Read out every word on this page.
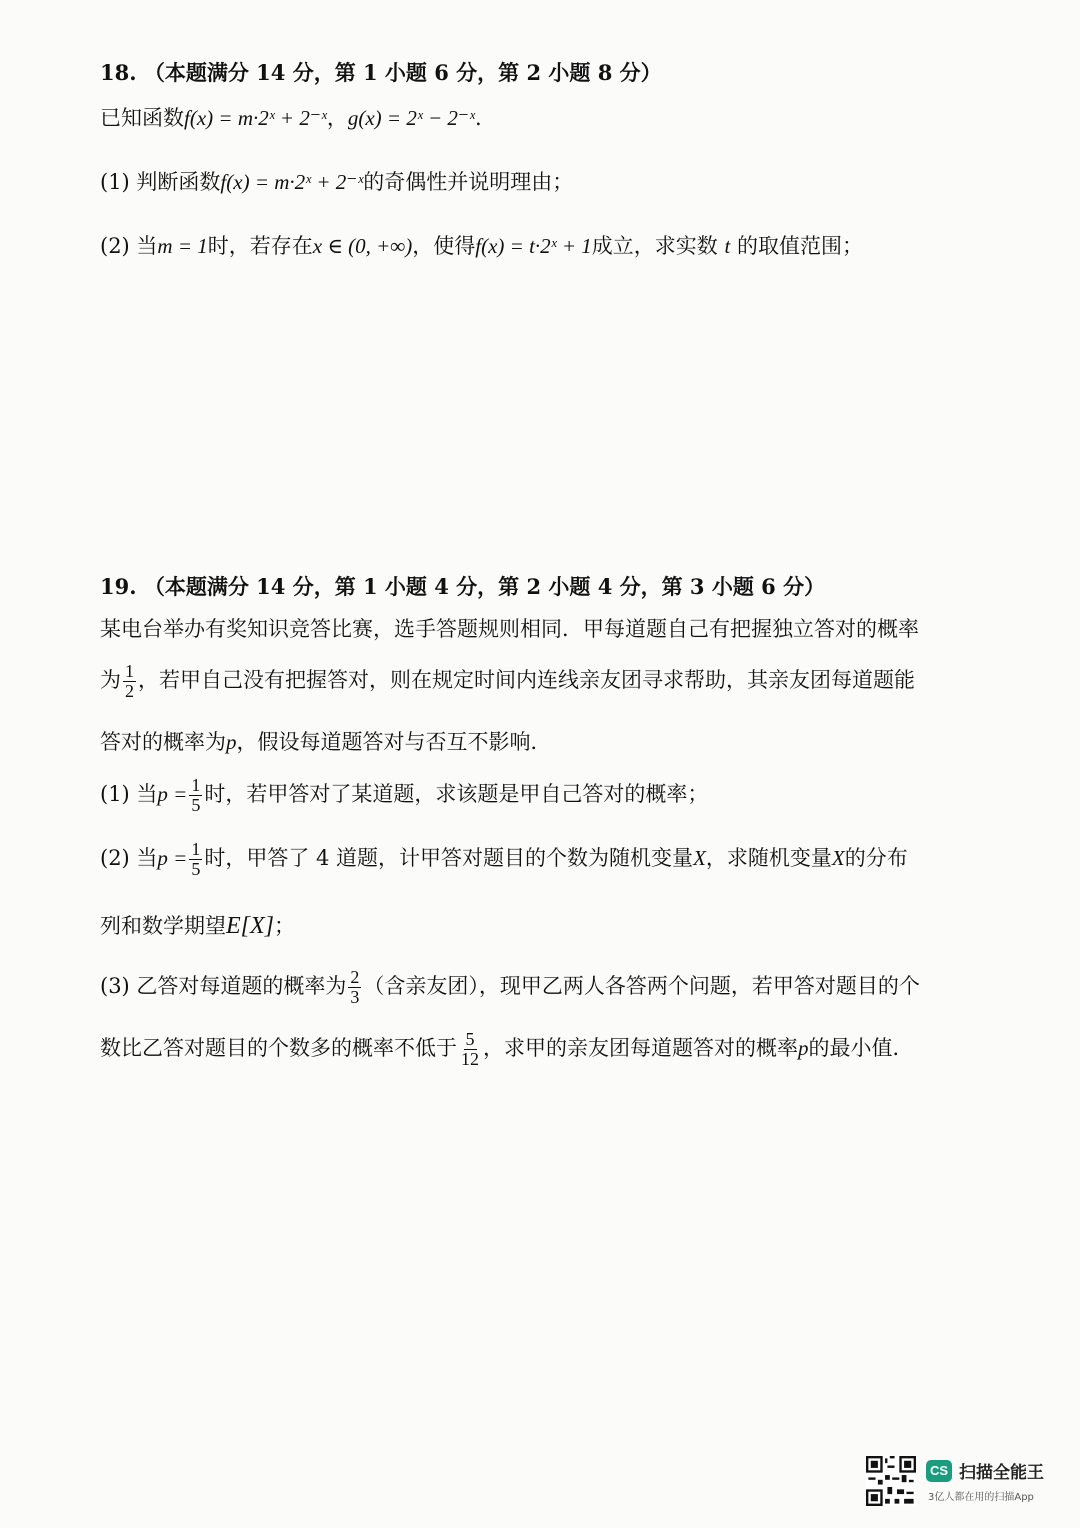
18. （本题满分 14 分，第 1 小题 6 分，第 2 小题 8 分）
已知函数f(x) = m·2ˣ + 2⁻ˣ，g(x) = 2ˣ − 2⁻ˣ.
(1) 判断函数f(x) = m·2ˣ + 2⁻ˣ的奇偶性并说明理由；
(2) 当m = 1时，若存在x ∈ (0, +∞)，使得f(x) = t·2ˣ + 1成立，求实数 t 的取值范围；
19. （本题满分 14 分，第 1 小题 4 分，第 2 小题 4 分，第 3 小题 6 分）
某电台举办有奖知识竞答比赛，选手答题规则相同．甲每道题自己有把握独立答对的概率
为 $\frac{1}{2}$ ，若甲自己没有把握答对，则在规定时间内连线亲友团寻求帮助，其亲友团每道题能
答对的概率为p，假设每道题答对与否互不影响．
(1) 当$p = \frac{1}{5}$ 时，若甲答对了某道题，求该题是甲自己答对的概率；
(2) 当$p = \frac{1}{5}$ 时，甲答了 4 道题，计甲答对题目的个数为随机变量X，求随机变量X的分布
列和数学期望E[X]；
(3) 乙答对每道题的概率为 $\frac{2}{3}$ （含亲友团），现甲乙两人各答两个问题，若甲答对题目的个
数比乙答对题目的个数多的概率不低于 $\frac{5}{12}$ ，求甲的亲友团每道题答对的概率p的最小值．
CS 扫描全能王
3亿人都在用的扫描App
